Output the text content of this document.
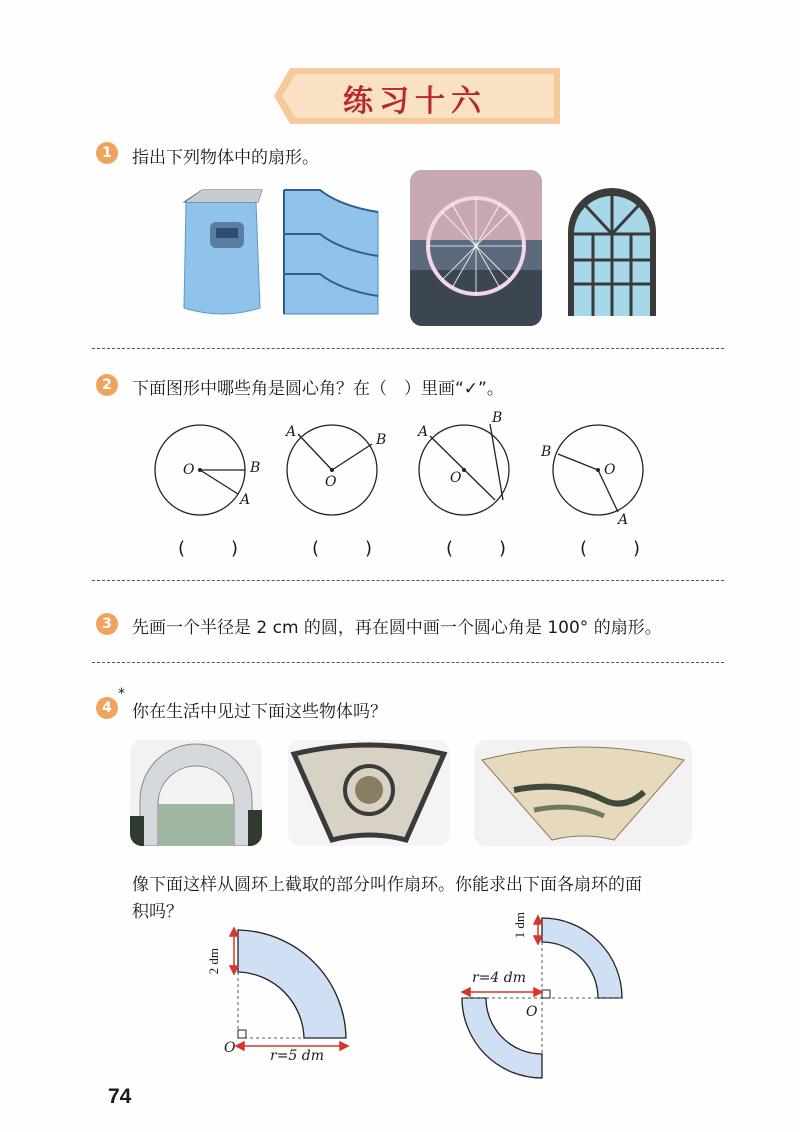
练习十六
1	指出下列物体中的扇形。
2	下面图形中哪些角是圆心角？在（　）里画“✓”。
O	B
A
O
A	B
O
A
B
O
B
A
(　)	(　)	(　)	(　)
3	先画一个半径是 2 cm 的圆，再在圆中画一个圆心角是 100° 的扇形。
4
*
你在生活中见过下面这些物体吗？
像下面这样从圆环上截取的部分叫作扇环。你能求出下面各扇环的面
积吗？
2 dm
r=5 dm
O
1 dm
r=4 dm
O
74
